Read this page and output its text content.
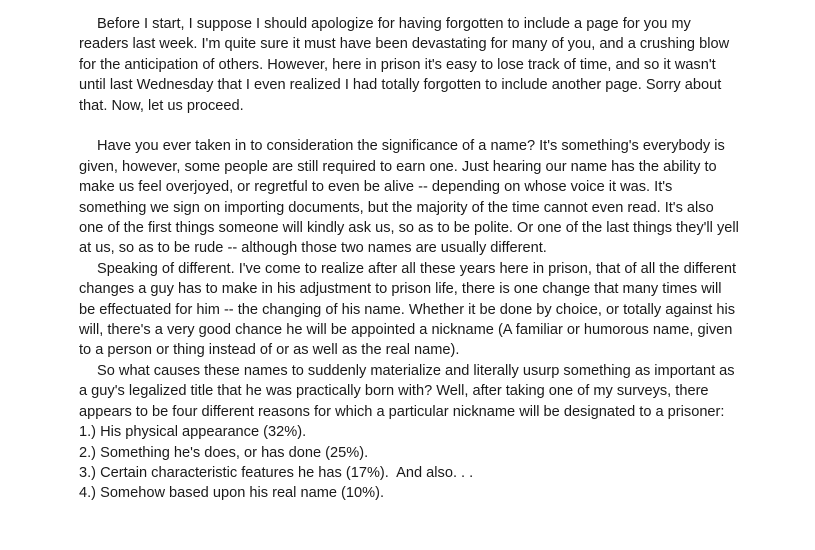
Before I start, I suppose I should apologize for having forgotten to include a page for you my readers last week. I'm quite sure it must have been devastating for many of you, and a crushing blow for the anticipation of others. However, here in prison it's easy to lose track of time, and so it wasn't until last Wednesday that I even realized I had totally forgotten to include another page. Sorry about that. Now, let us proceed.

Have you ever taken in to consideration the significance of a name? It's something's everybody is given, however, some people are still required to earn one. Just hearing our name has the ability to make us feel overjoyed, or regretful to even be alive -- depending on whose voice it was. It's something we sign on importing documents, but the majority of the time cannot even read. It's also one of the first things someone will kindly ask us, so as to be polite. Or one of the last things they'll yell at us, so as to be rude -- although those two names are usually different.

Speaking of different. I've come to realize after all these years here in prison, that of all the different changes a guy has to make in his adjustment to prison life, there is one change that many times will be effectuated for him -- the changing of his name. Whether it be done by choice, or totally against his will, there's a very good chance he will be appointed a nickname (A familiar or humorous name, given to a person or thing instead of or as well as the real name).

So what causes these names to suddenly materialize and literally usurp something as important as a guy's legalized title that he was practically born with? Well, after taking one of my surveys, there appears to be four different reasons for which a particular nickname will be designated to a prisoner:

1.) His physical appearance (32%).
2.) Something he's does, or has done (25%).
3.) Certain characteristic features he has (17%).  And also. . .
4.) Somehow based upon his real name (10%).
